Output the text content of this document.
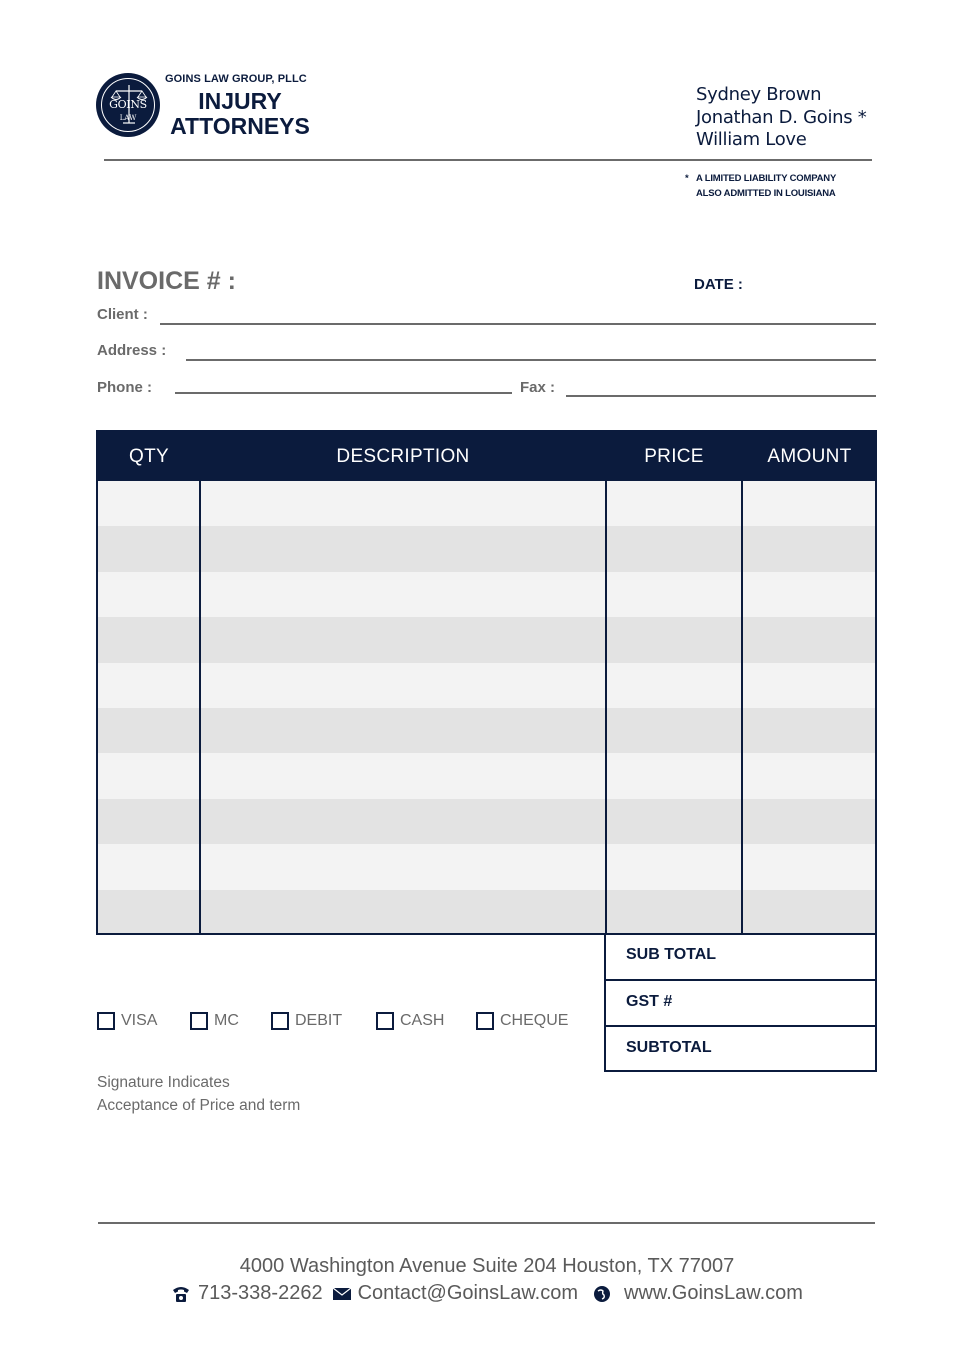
GOINS
LAW
GOINS LAW GROUP, PLLC
INJURY
ATTORNEYS
Sydney Brown
Jonathan D. Goins *
William Love
* A LIMITED LIABILITY COMPANY
ALSO ADMITTED IN LOUISIANA
INVOICE # :	DATE :
Client :
Address :
Phone :	Fax :
QTY	DESCRIPTION	PRICE	AMOUNT
SUB TOTAL
GST #
SUBTOTAL
VISA	MC	DEBIT	CASH	CHEQUE
Signature Indicates
Acceptance of Price and term
4000 Washington Avenue Suite 204 Houston, TX 77007
713-338-2262 Contact@GoinsLaw.com www.GoinsLaw.com
